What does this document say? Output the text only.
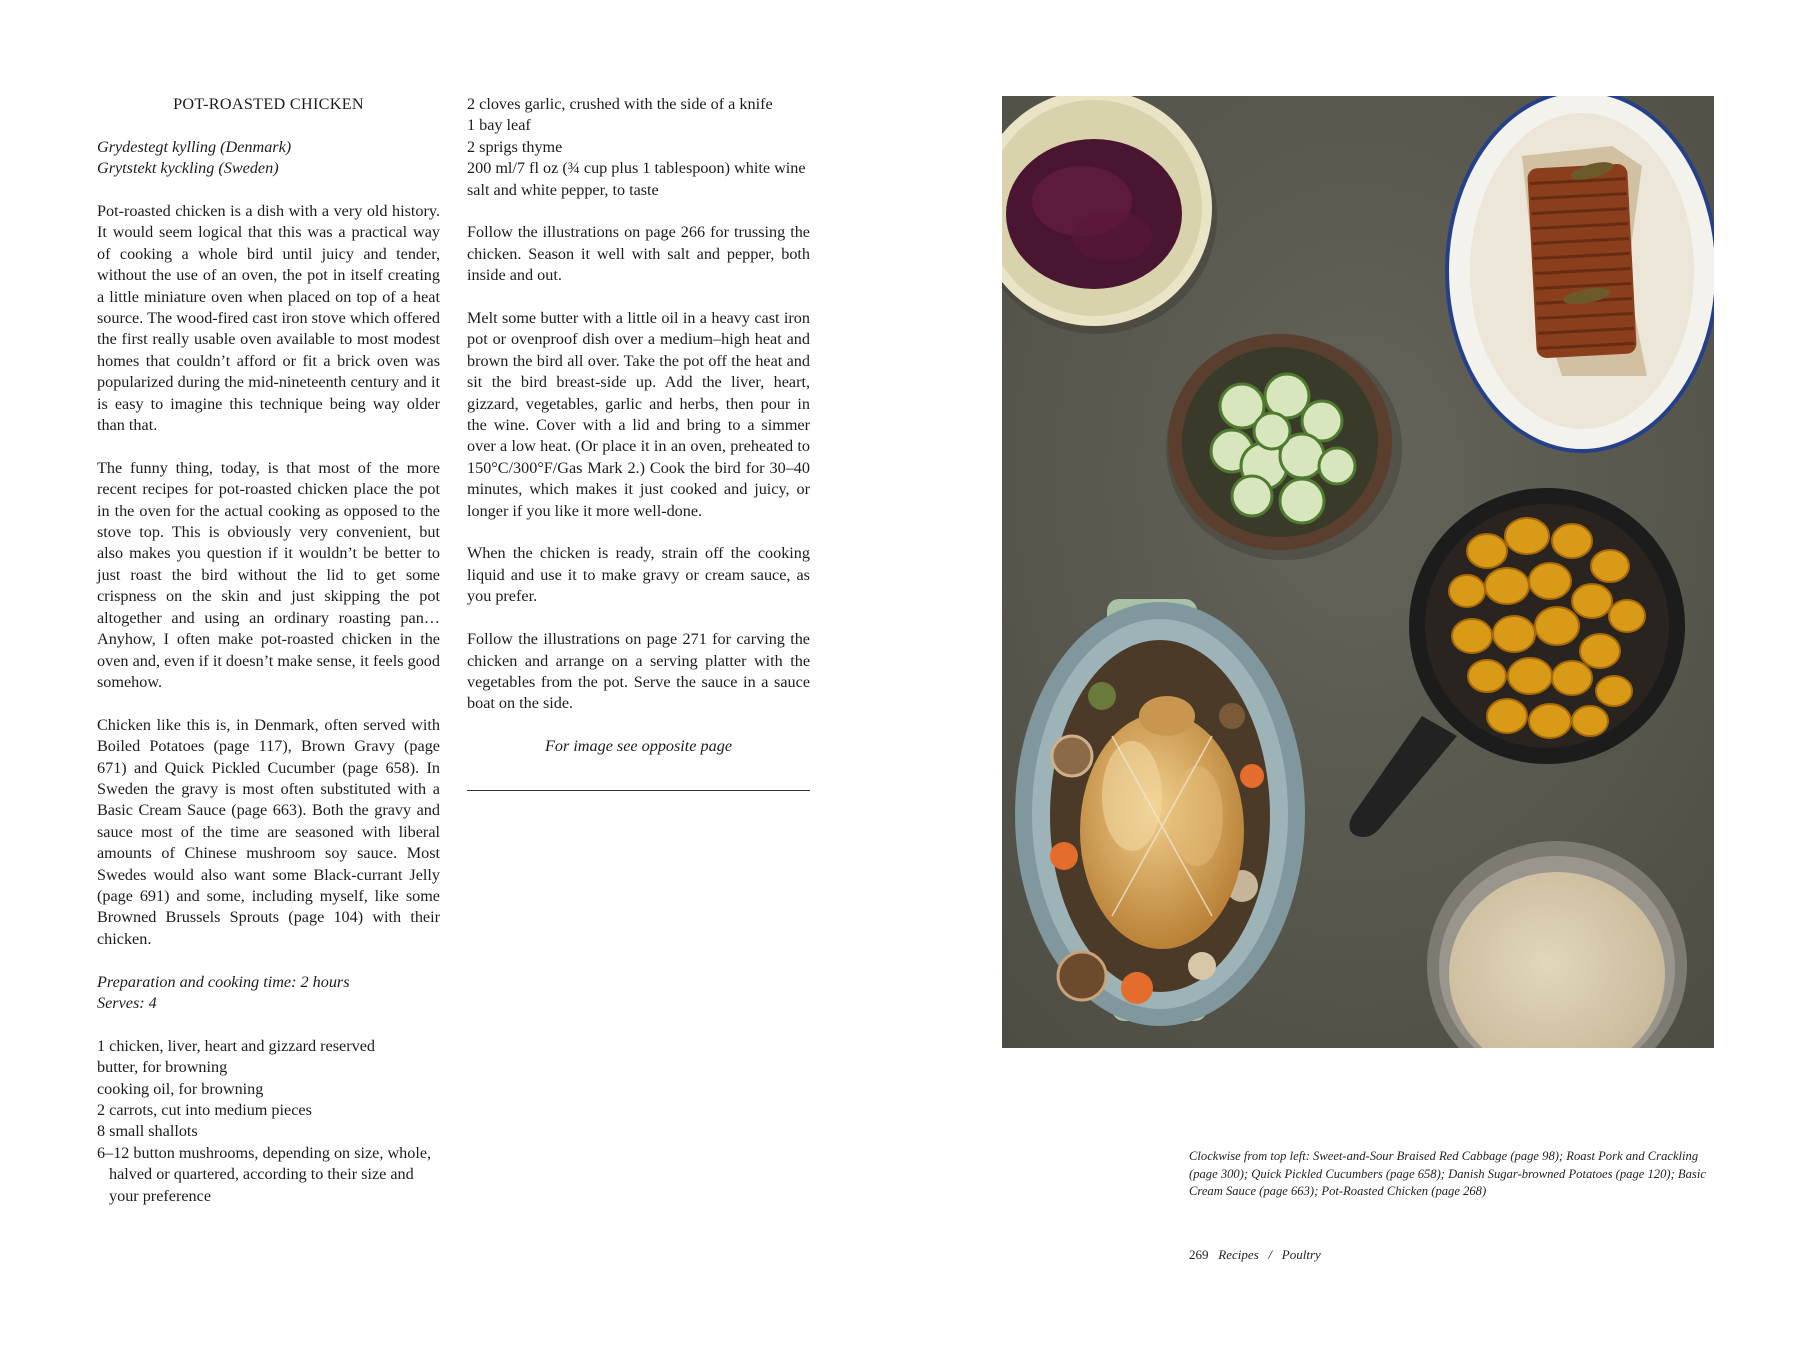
POT-ROASTED CHICKEN
Grydestegt kylling (Denmark)
Grytstekt kyckling (Sweden)

Pot-roasted chicken is a dish with a very old history. It would seem logical that this was a practical way of cooking a whole bird until juicy and tender, without the use of an oven, the pot in itself creating a little miniature oven when placed on top of a heat source. The wood-fired cast iron stove which offered the first really usable oven available to most modest homes that couldn’t afford or fit a brick oven was popularized during the mid-nineteenth century and it is easy to imagine this technique being way older than that.

The funny thing, today, is that most of the more recent recipes for pot-roasted chicken place the pot in the oven for the actual cooking as opposed to the stove top. This is obviously very convenient, but also makes you question if it wouldn’t be better to just roast the bird without the lid to get some crispness on the skin and just skipping the pot altogether and using an ordinary roasting pan… Anyhow, I often make pot-roasted chicken in the oven and, even if it doesn’t make sense, it feels good somehow.

Chicken like this is, in Denmark, often served with Boiled Potatoes (page 117), Brown Gravy (page 671) and Quick Pickled Cucumber (page 658). In Sweden the gravy is most often substituted with a Basic Cream Sauce (page 663). Both the gravy and sauce most of the time are seasoned with liberal amounts of Chinese mushroom soy sauce. Most Swedes would also want some Black-currant Jelly (page 691) and some, including myself, like some Browned Brussels Sprouts (page 104) with their chicken.

Preparation and cooking time: 2 hours
Serves: 4
1 chicken, liver, heart and gizzard reserved
butter, for browning
cooking oil, for browning
2 carrots, cut into medium pieces
8 small shallots
6–12 button mushrooms, depending on size, whole, halved or quartered, according to their size and your preference
2 cloves garlic, crushed with the side of a knife
1 bay leaf
2 sprigs thyme
200 ml/7 fl oz (¾ cup plus 1 tablespoon) white wine
salt and white pepper, to taste

Follow the illustrations on page 266 for trussing the chicken. Season it well with salt and pepper, both inside and out.

Melt some butter with a little oil in a heavy cast iron pot or ovenproof dish over a medium–high heat and brown the bird all over. Take the pot off the heat and sit the bird breast-side up. Add the liver, heart, gizzard, vegetables, garlic and herbs, then pour in the wine. Cover with a lid and bring to a simmer over a low heat. (Or place it in an oven, preheated to 150°C/300°F/Gas Mark 2.) Cook the bird for 30–40 minutes, which makes it just cooked and juicy, or longer if you like it more well-done.

When the chicken is ready, strain off the cooking liquid and use it to make gravy or cream sauce, as you prefer.

Follow the illustrations on page 271 for carving the chicken and arrange on a serving platter with the vegetables from the pot. Serve the sauce in a sauce boat on the side.

For image see opposite page
Clockwise from top left: Sweet-and-Sour Braised Red Cabbage (page 98); Roast Pork and Crackling (page 300); Quick Pickled Cucumbers (page 658); Danish Sugar-browned Potatoes (page 120); Basic Cream Sauce (page 663); Pot-Roasted Chicken (page 268)
269 Recipes / Poultry
